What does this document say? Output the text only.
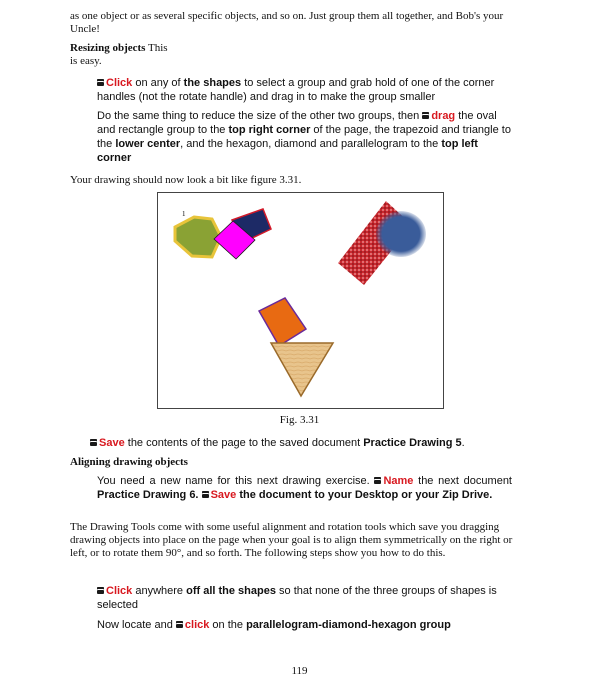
as one object or as several specific objects, and so on. Just group them all together, and Bob's your Uncle!

Resizing objects This
is easy.

Click on any of the shapes to select a group and grab hold of one of the corner handles (not the rotate handle) and drag in to make the group smaller

Do the same thing to reduce the size of the other two groups, then drag the oval and rectangle group to the top right corner of the page, the trapezoid and triangle to the lower center, and the hexagon, diamond and parallelogram to the top left corner

Your drawing should now look a bit like figure 3.31.

1
Fig. 3.31

Save the contents of the page to the saved document Practice Drawing 5.

Aligning drawing objects

You need a new name for this next drawing exercise. Name the next document Practice Drawing 6. Save the document to your Desktop or your Zip Drive.

The Drawing Tools come with some useful alignment and rotation tools which save you dragging drawing objects into place on the page when your goal is to align them symmetrically on the right or left, or to rotate them 90°, and so forth. The following steps show you how to do this.

Click anywhere off all the shapes so that none of the three groups of shapes is selected

Now locate and click on the parallelogram-diamond-hexagon group

119
